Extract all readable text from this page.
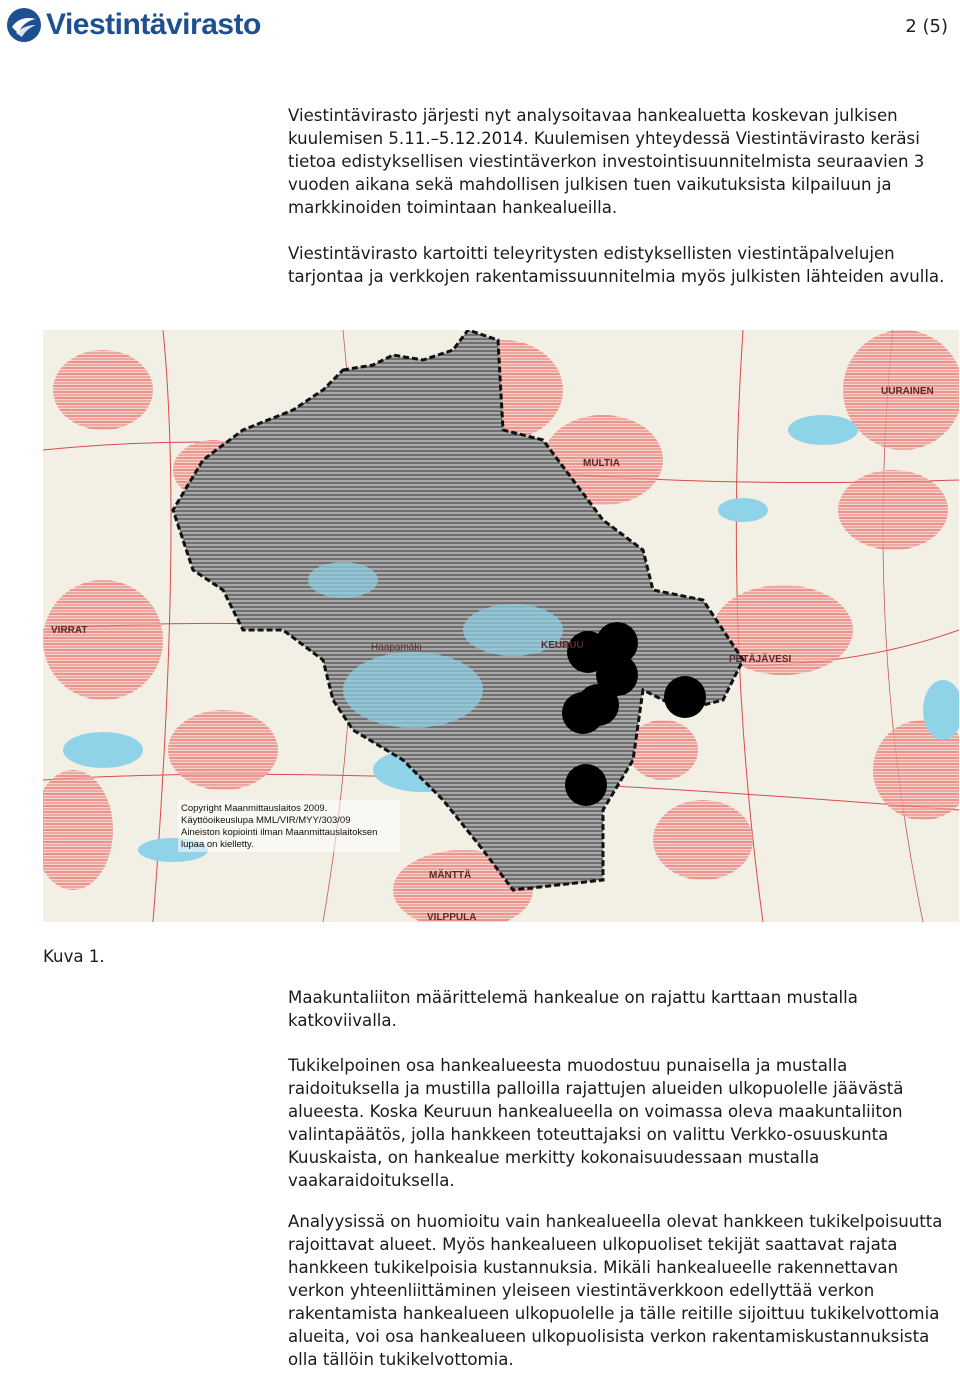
Viestintävirasto	2 (5)

Viestintävirasto järjesti nyt analysoitavaa hankealuetta koskevan julkisen kuulemisen 5.11.–5.12.2014. Kuulemisen yhteydessä Viestintävirasto keräsi tietoa edistyksellisen viestintäverkon investointisuunnitelmista seuraavien 3 vuoden aikana sekä mahdollisen julkisen tuen vaikutuksista kilpailuun ja markkinoiden toimintaan hankealueilla.

Viestintävirasto kartoitti teleyritysten edistyksellisten viestintäpalvelujen tarjontaa ja verkkojen rakentamissuunnitelmia myös julkisten lähteiden avulla.

VIRRAT
KEURUU
MULTIA
UURAINEN
PETÄJÄVESI
MÄNTTÄ
VILPPULA
Haapamäki
Copyright Maanmittauslaitos 2009.
Käyttöoikeuslupa MML/VIR/MYY/303/09
Aineiston kopiointi ilman Maanmittauslaitoksen
lupaa on kielletty.
Kuva 1.

Maakuntaliiton määrittelemä hankealue on rajattu karttaan mustalla katkoviivalla.

Tukikelpoinen osa hankealueesta muodostuu punaisella ja mustalla raidoituksella ja mustilla palloilla rajattujen alueiden ulkopuolelle jäävästä alueesta. Koska Keuruun hankealueella on voimassa oleva maakuntaliiton valintapäätös, jolla hankkeen toteuttajaksi on valittu Verkko-osuuskunta Kuuskaista, on hankealue merkitty kokonaisuudessaan mustalla vaakaraidoituksella.

Analyysissä on huomioitu vain hankealueella olevat hankkeen tukikelpoisuutta rajoittavat alueet. Myös hankealueen ulkopuoliset tekijät saattavat rajata hankkeen tukikelpoisia kustannuksia. Mikäli hankealueelle rakennettavan verkon yhteenliittäminen yleiseen viestintäverkkoon edellyttää verkon rakentamista hankealueen ulkopuolelle ja tälle reitille sijoittuu tukikelvottomia alueita, voi osa hankealueen ulkopuolisista verkon rakentamiskustannuksista olla tällöin tukikelvottomia.
